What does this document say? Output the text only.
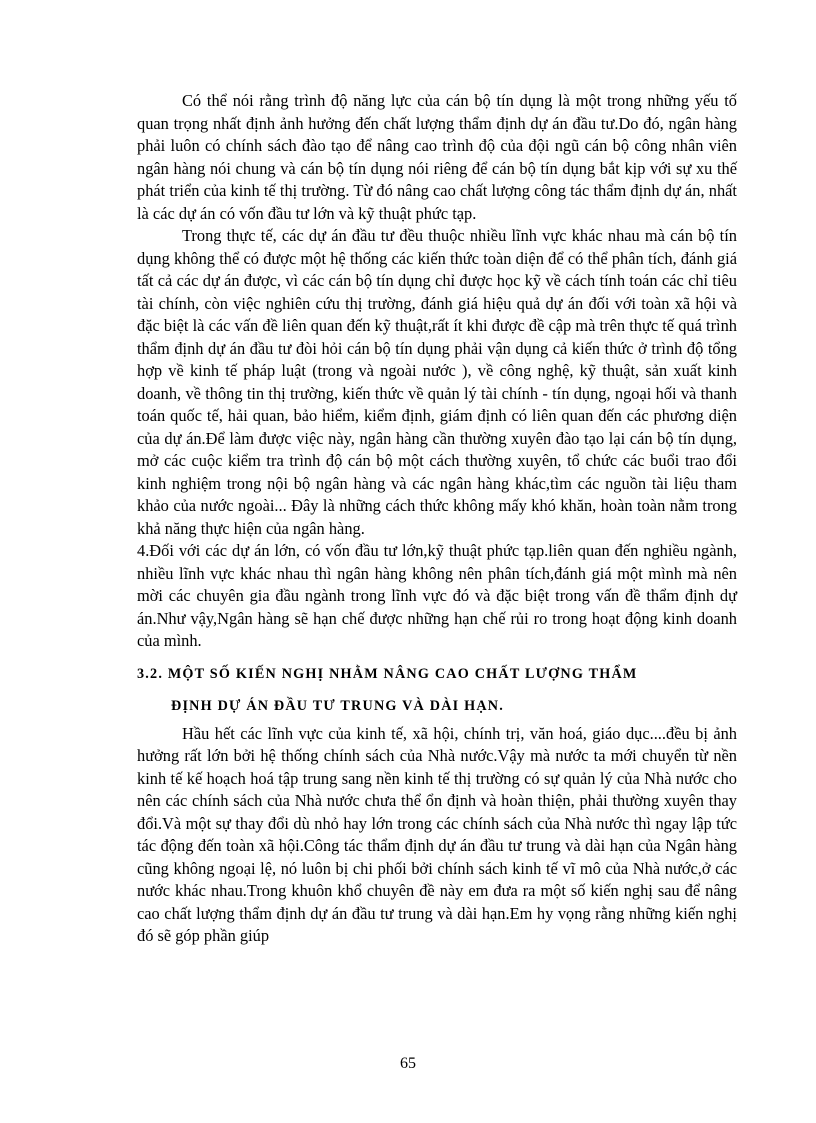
Có thể nói rằng trình độ năng lực của cán bộ tín dụng là một trong những yếu tố quan trọng nhất định ảnh hưởng đến chất lượng thẩm định dự án đầu tư.Do đó, ngân hàng phải luôn có chính sách đào tạo để nâng cao trình độ của đội ngũ cán bộ công nhân viên ngân hàng nói chung và cán bộ tín dụng nói riêng để cán bộ tín dụng bắt kịp với sự xu thế phát triển của kinh tế thị trường. Từ đó nâng cao chất lượng công tác thẩm định dự án, nhất là các dự án có vốn đầu tư lớn và kỹ thuật phức tạp.

Trong thực tế, các dự án đầu tư đều thuộc nhiều lĩnh vực khác nhau mà cán bộ tín dụng không thể có được một hệ thống các kiến thức toàn diện để có thể phân tích, đánh giá tất cả các dự án được, vì các cán bộ tín dụng chỉ được học kỹ về cách tính toán các chỉ tiêu tài chính, còn việc nghiên cứu thị trường, đánh giá hiệu quả dự án đối với toàn xã hội và đặc biệt là các vấn đề liên quan đến kỹ thuật,rất ít khi được đề cập mà trên thực tế quá trình thẩm định dự án đầu tư đòi hỏi cán bộ tín dụng phải vận dụng cả kiến thức ở trình độ tổng hợp về kinh tế pháp luật (trong và ngoài nước ), về công nghệ, kỹ thuật, sản xuất kinh doanh, về thông tin thị trường, kiến thức về quản lý tài chính - tín dụng, ngoại hối và thanh toán quốc tế, hải quan, bảo hiểm, kiểm định, giám định có liên quan đến các phương diện của dự án.Để làm được việc này, ngân hàng cần thường xuyên đào tạo lại cán bộ tín dụng, mở các cuộc kiểm tra trình độ cán bộ một cách thường xuyên, tổ chức các buổi trao đổi kinh nghiệm trong nội bộ ngân hàng và các ngân hàng khác,tìm các nguồn tài liệu tham khảo của nước ngoài... Đây là những cách thức không mấy khó khăn, hoàn toàn nằm trong khả năng thực hiện của ngân hàng.

4.Đối với các dự án lớn, có vốn đầu tư lớn,kỹ thuật phức tạp.liên quan đến nghiều ngành, nhiều lĩnh vực khác nhau thì ngân hàng không nên phân tích,đánh giá một mình mà nên mời các chuyên gia đầu ngành trong lĩnh vực đó và đặc biệt trong vấn đề thẩm định dự án.Như vậy,Ngân hàng sẽ hạn chế được những hạn chế rủi ro trong hoạt động kinh doanh của mình.

3.2. MỘT SỐ KIẾN NGHỊ NHẰM NÂNG CAO CHẤT LƯỢNG THẨM
ĐỊNH DỰ ÁN ĐẦU TƯ TRUNG VÀ DÀI HẠN.

Hầu hết các lĩnh vực của kinh tế, xã hội, chính trị, văn hoá, giáo dục....đều bị ảnh hưởng rất lớn bởi hệ thống chính sách của Nhà nước.Vậy mà nước ta mới chuyển từ nền kinh tế kế hoạch hoá tập trung sang nền kinh tế thị trường có sự quản lý của Nhà nước cho nên các chính sách của Nhà nước chưa thể ổn định và hoàn thiện, phải thường xuyên thay đổi.Và một sự thay đổi dù nhỏ hay lớn trong các chính sách của Nhà nước thì ngay lập tức tác động đến toàn xã hội.Công tác thẩm định dự án đầu tư trung và dài hạn của Ngân hàng cũng không ngoại lệ, nó luôn bị chi phối bởi chính sách kinh tế vĩ mô của Nhà nước,ở các nước khác nhau.Trong khuôn khổ chuyên đề này em đưa ra một số kiến nghị sau để nâng cao chất lượng thẩm định dự án đầu tư trung và dài hạn.Em hy vọng rằng những kiến nghị đó sẽ góp phần giúp

65
